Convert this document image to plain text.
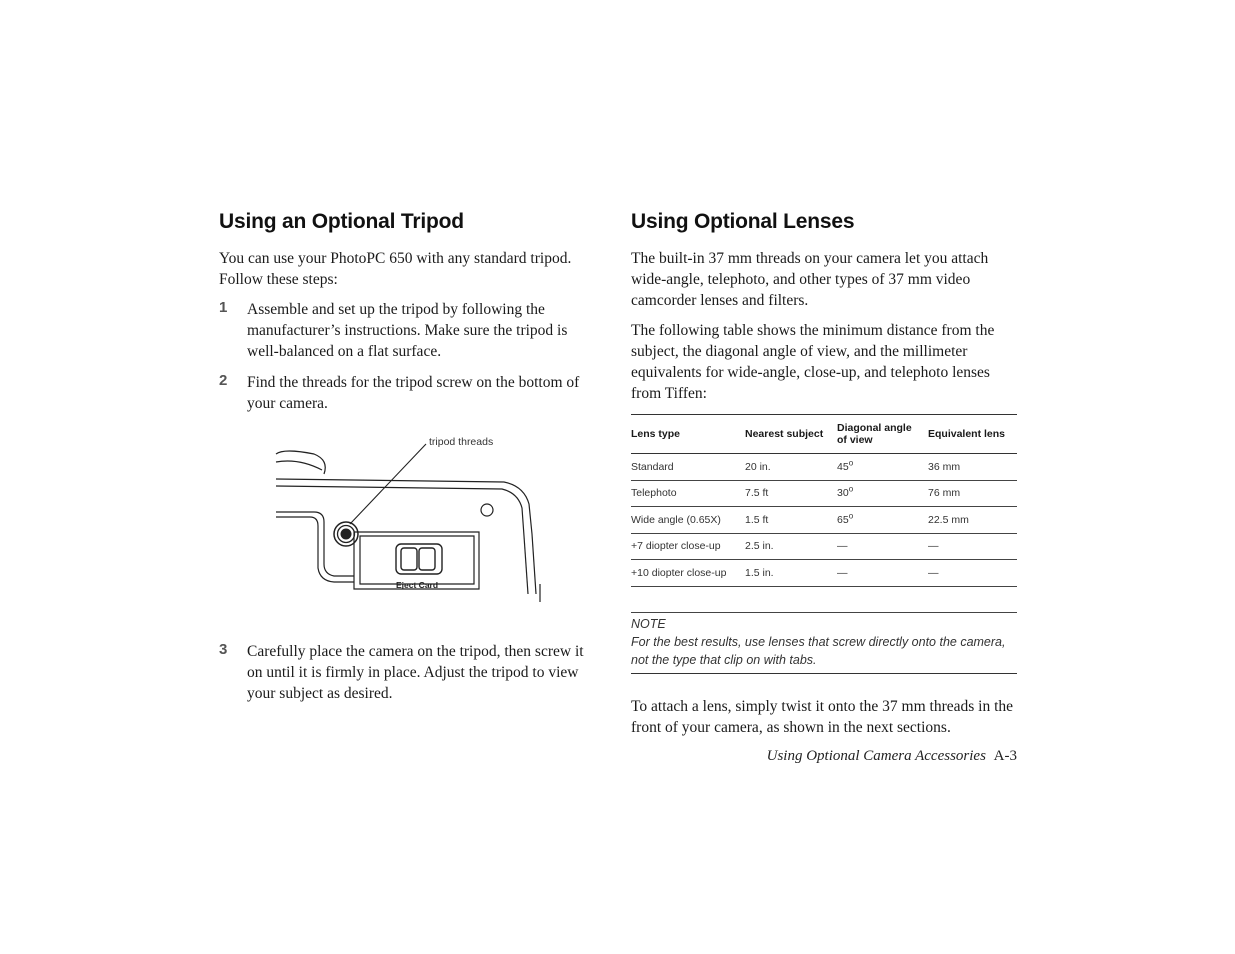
Using an Optional Tripod

You can use your PhotoPC 650 with any standard tripod. Follow these steps:

1 Assemble and set up the tripod by following the manufacturer’s instructions. Make sure the tripod is well-balanced on a flat surface.
2 Find the threads for the tripod screw on the bottom of your camera.
tripod threads
Eject Card
3 Carefully place the camera on the tripod, then screw it on until it is firmly in place. Adjust the tripod to view your subject as desired.
Using Optional Lenses

The built-in 37 mm threads on your camera let you attach wide-angle, telephoto, and other types of 37 mm video camcorder lenses and filters.

The following table shows the minimum distance from the subject, the diagonal angle of view, and the millimeter equivalents for wide-angle, close-up, and telephoto lenses from Tiffen:

Lens type	Nearest subject	Diagonal angle of view	Equivalent lens
Standard	20 in.	45$^o$	36 mm
Telephoto	7.5 ft	30$^o$	76 mm
Wide angle (0.65X)	1.5 ft	65$^o$	22.5 mm
+7 diopter close-up	2.5 in.	—	—
+10 diopter close-up	1.5 in.	—	—

NOTE
For the best results, use lenses that screw directly onto the camera, not the type that clip on with tabs.

To attach a lens, simply twist it onto the 37 mm threads in the front of your camera, as shown in the next sections.

Using Optional Camera Accessories A-3
